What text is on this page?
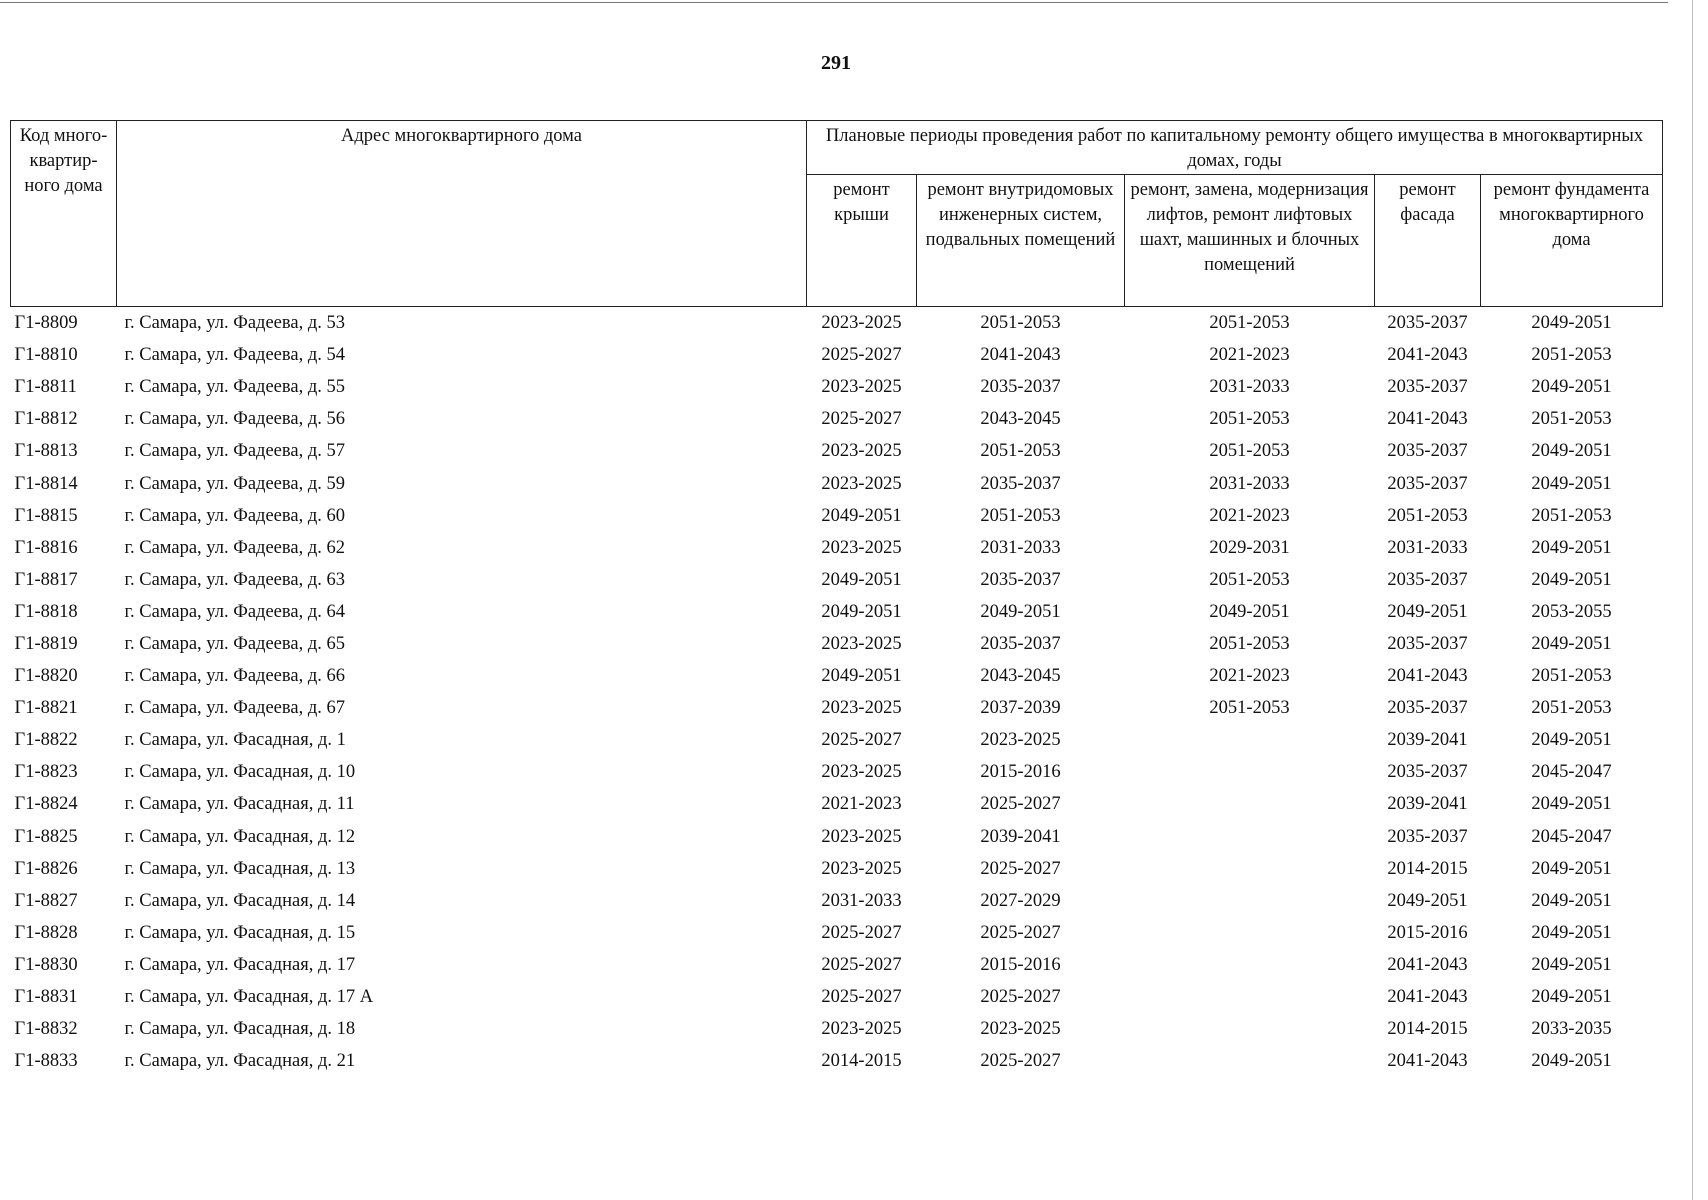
291
Код много-квартир-ного дома	Адрес многоквартирного дома	Плановые периоды проведения работ по капитальному ремонту общего имущества в многоквартирных домах, годы				
		ремонт крыши	ремонт внутридомовых инженерных систем, подвальных помещений	ремонт, замена, модернизация лифтов, ремонт лифтовых шахт, машинных и блочных помещений	ремонт фасада	ремонт фундамента многоквартирного дома
Г1-8809	г. Самара, ул. Фадеева, д. 53	2023-2025	2051-2053	2051-2053	2035-2037	2049-2051
Г1-8810	г. Самара, ул. Фадеева, д. 54	2025-2027	2041-2043	2021-2023	2041-2043	2051-2053
Г1-8811	г. Самара, ул. Фадеева, д. 55	2023-2025	2035-2037	2031-2033	2035-2037	2049-2051
Г1-8812	г. Самара, ул. Фадеева, д. 56	2025-2027	2043-2045	2051-2053	2041-2043	2051-2053
Г1-8813	г. Самара, ул. Фадеева, д. 57	2023-2025	2051-2053	2051-2053	2035-2037	2049-2051
Г1-8814	г. Самара, ул. Фадеева, д. 59	2023-2025	2035-2037	2031-2033	2035-2037	2049-2051
Г1-8815	г. Самара, ул. Фадеева, д. 60	2049-2051	2051-2053	2021-2023	2051-2053	2051-2053
Г1-8816	г. Самара, ул. Фадеева, д. 62	2023-2025	2031-2033	2029-2031	2031-2033	2049-2051
Г1-8817	г. Самара, ул. Фадеева, д. 63	2049-2051	2035-2037	2051-2053	2035-2037	2049-2051
Г1-8818	г. Самара, ул. Фадеева, д. 64	2049-2051	2049-2051	2049-2051	2049-2051	2053-2055
Г1-8819	г. Самара, ул. Фадеева, д. 65	2023-2025	2035-2037	2051-2053	2035-2037	2049-2051
Г1-8820	г. Самара, ул. Фадеева, д. 66	2049-2051	2043-2045	2021-2023	2041-2043	2051-2053
Г1-8821	г. Самара, ул. Фадеева, д. 67	2023-2025	2037-2039	2051-2053	2035-2037	2051-2053
Г1-8822	г. Самара, ул. Фасадная, д. 1	2025-2027	2023-2025		2039-2041	2049-2051
Г1-8823	г. Самара, ул. Фасадная, д. 10	2023-2025	2015-2016		2035-2037	2045-2047
Г1-8824	г. Самара, ул. Фасадная, д. 11	2021-2023	2025-2027		2039-2041	2049-2051
Г1-8825	г. Самара, ул. Фасадная, д. 12	2023-2025	2039-2041		2035-2037	2045-2047
Г1-8826	г. Самара, ул. Фасадная, д. 13	2023-2025	2025-2027		2014-2015	2049-2051
Г1-8827	г. Самара, ул. Фасадная, д. 14	2031-2033	2027-2029		2049-2051	2049-2051
Г1-8828	г. Самара, ул. Фасадная, д. 15	2025-2027	2025-2027		2015-2016	2049-2051
Г1-8830	г. Самара, ул. Фасадная, д. 17	2025-2027	2015-2016		2041-2043	2049-2051
Г1-8831	г. Самара, ул. Фасадная, д. 17 А	2025-2027	2025-2027		2041-2043	2049-2051
Г1-8832	г. Самара, ул. Фасадная, д. 18	2023-2025	2023-2025		2014-2015	2033-2035
Г1-8833	г. Самара, ул. Фасадная, д. 21	2014-2015	2025-2027		2041-2043	2049-2051
